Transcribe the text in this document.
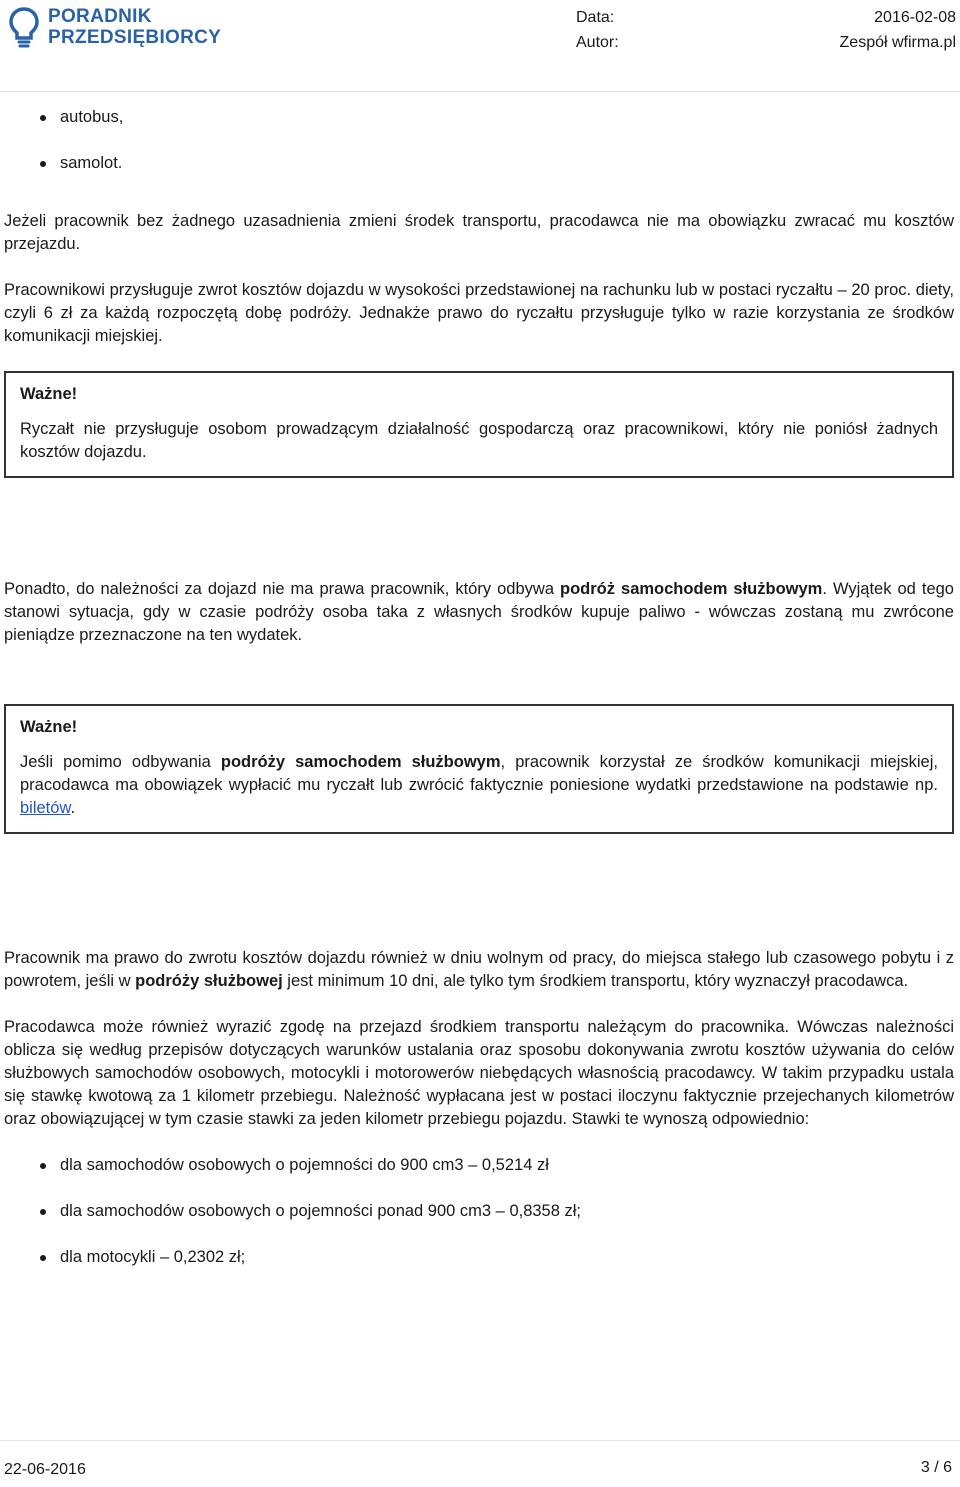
PORADNIK
PRZEDSIĘBIORCY
Data:	2016-02-08
Autor:	Zespół wfirma.pl
autobus,
samolot.

Jeżeli pracownik bez żadnego uzasadnienia zmieni środek transportu, pracodawca nie ma obowiązku zwracać mu kosztów przejazdu.

Pracownikowi przysługuje zwrot kosztów dojazdu w wysokości przedstawionej na rachunku lub w postaci ryczałtu – 20 proc. diety, czyli 6 zł za każdą rozpoczętą dobę podróży. Jednakże prawo do ryczałtu przysługuje tylko w razie korzystania ze środków komunikacji miejskiej.

Ważne!

Ryczałt nie przysługuje osobom prowadzącym działalność gospodarczą oraz pracownikowi, który nie poniósł żadnych kosztów dojazdu.

Ponadto, do należności za dojazd nie ma prawa pracownik, który odbywa podróż samochodem służbowym. Wyjątek od tego stanowi sytuacja, gdy w czasie podróży osoba taka z własnych środków kupuje paliwo - wówczas zostaną mu zwrócone pieniądze przeznaczone na ten wydatek.

Ważne!

Jeśli pomimo odbywania podróży samochodem służbowym, pracownik korzystał ze środków komunikacji miejskiej, pracodawca ma obowiązek wypłacić mu ryczałt lub zwrócić faktycznie poniesione wydatki przedstawione na podstawie np. biletów.

Pracownik ma prawo do zwrotu kosztów dojazdu również w dniu wolnym od pracy, do miejsca stałego lub czasowego pobytu i z powrotem, jeśli w podróży służbowej jest minimum 10 dni, ale tylko tym środkiem transportu, który wyznaczył pracodawca.

Pracodawca może również wyrazić zgodę na przejazd środkiem transportu należącym do pracownika. Wówczas należności oblicza się według przepisów dotyczących warunków ustalania oraz sposobu dokonywania zwrotu kosztów używania do celów służbowych samochodów osobowych, motocykli i motorowerów niebędących własnością pracodawcy. W takim przypadku ustala się stawkę kwotową za 1 kilometr przebiegu. Należność wypłacana jest w postaci iloczynu faktycznie przejechanych kilometrów oraz obowiązującej w tym czasie stawki za jeden kilometr przebiegu pojazdu. Stawki te wynoszą odpowiednio:

dla samochodów osobowych o pojemności do 900 cm3 – 0,5214 zł
dla samochodów osobowych o pojemności ponad 900 cm3 – 0,8358 zł;
dla motocykli – 0,2302 zł;
22-06-2016	3 / 6
